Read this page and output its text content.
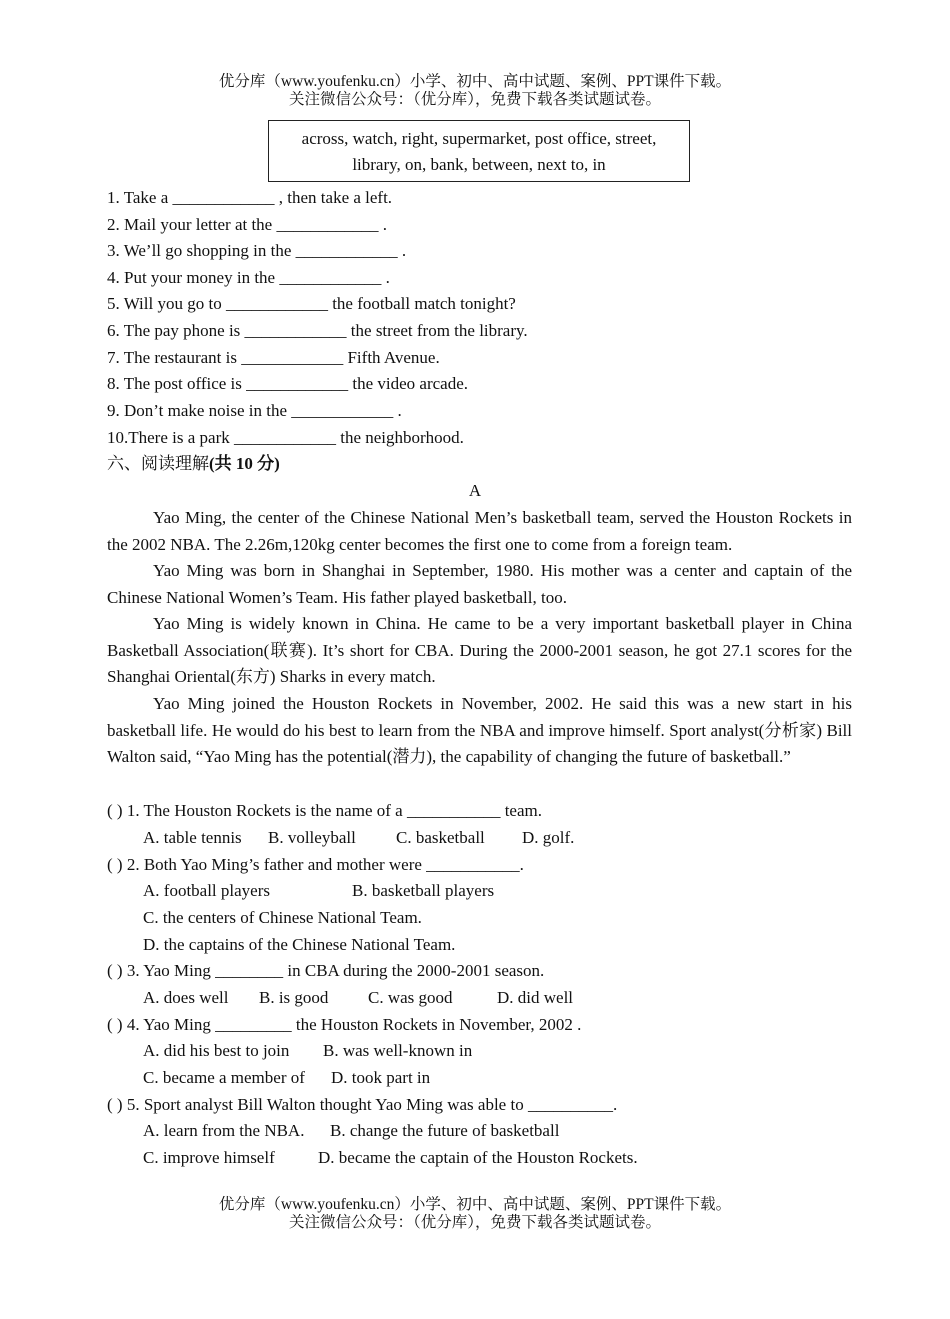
优分库（www.youfenku.cn）小学、初中、高中试题、案例、PPT课件下载。
关注微信公众号：（优分库），免费下载各类试题试卷。
across, watch, right, supermarket, post office, street,
library, on, bank, between, next to, in
1. Take a ____________ , then take a left.
2. Mail your letter at the ____________ .
3. We’ll go shopping in the ____________ .
4. Put your money in the ____________ .
5. Will you go to ____________ the football match tonight?
6. The pay phone is ____________ the street from the library.
7. The restaurant is ____________ Fifth Avenue.
8. The post office is ____________ the video arcade.
9. Don’t make noise in the ____________ .
10.There is a park ____________ the neighborhood.
六、阅读理解(共 10 分)
A
Yao Ming, the center of the Chinese National Men’s basketball team, served the Houston Rockets in the 2002 NBA. The 2.26m,120kg center becomes the first one to come from a foreign team.
Yao Ming was born in Shanghai in September, 1980. His mother was a center and captain of the Chinese National Women’s Team. His father played basketball, too.
Yao Ming is widely known in China. He came to be a very important basketball player in China Basketball Association(联赛). It’s short for CBA. During the 2000-2001 season, he got 27.1 scores for the Shanghai Oriental(东方) Sharks in every match.
Yao Ming joined the Houston Rockets in November, 2002. He said this was a new start in his basketball life. He would do his best to learn from the NBA and improve himself. Sport analyst(分析家) Bill Walton said, “Yao Ming has the potential(潜力), the capability of changing the future of basketball.”
( ) 1. The Houston Rockets is the name of a ___________ team.
A. table tennis B. volleyball C. basketball D. golf.
( ) 2. Both Yao Ming’s father and mother were ___________.
A. football players	B. basketball players
C. the centers of Chinese National Team.
D. the captains of the Chinese National Team.
( ) 3. Yao Ming ________ in CBA during the 2000-2001 season.
A. does well B. is good C. was good	D. did well
( ) 4. Yao Ming _________ the Houston Rockets in November, 2002 .
A. did his best to join B. was well-known in
C. became a member of D. took part in
( ) 5. Sport analyst Bill Walton thought Yao Ming was able to __________.
A. learn from the NBA. B. change the future of basketball
C. improve himself	D. became the captain of the Houston Rockets.
优分库（www.youfenku.cn）小学、初中、高中试题、案例、PPT课件下载。
关注微信公众号：（优分库），免费下载各类试题试卷。
